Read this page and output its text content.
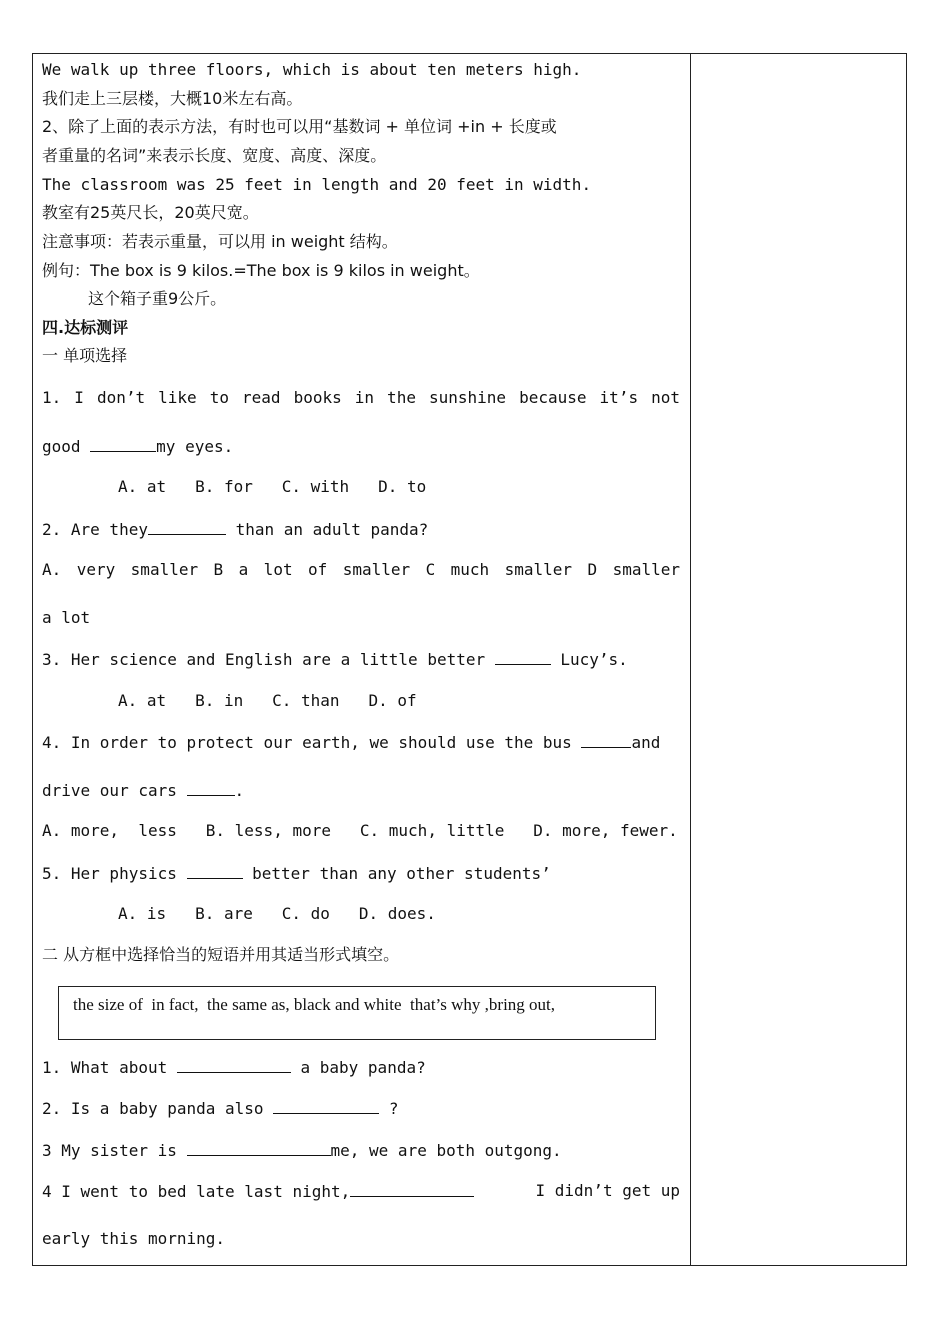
We walk up three floors, which is about ten meters high.
我们走上三层楼，大概10米左右高。
2、除了上面的表示方法，有时也可以用“基数词 + 单位词 +in + 长度或
者重量的名词”来表示长度、宽度、高度、深度。
The classroom was 25 feet in length and 20 feet in width.
教室有25英尺长，20英尺宽。
注意事项：若表示重量，可以用 in weight 结构。
例句：The box is 9 kilos.=The box is 9 kilos in weight。
这个箱子重9公斤。
四.达标测评
一 单项选择
1. I don’t like to read books in the sunshine because it’s not
good	my eyes.
A. at   B. for   C. with   D. to
2. Are they	than an adult panda?
A. very smaller B a lot of smaller C much smaller D smaller
a lot
3. Her science and English are a little better	Lucy’s.
A. at   B. in   C. than   D. of
4. In order to protect our earth, we should use the bus	and
drive our cars	.
A. more,  less   B. less, more   C. much, little   D. more, fewer.
5. Her physics	better than any other students’
A. is   B. are   C. do   D. does.
二 从方框中选择恰当的短语并用其适当形式填空。
the size of  in fact,  the same as, black and white  that’s why ,bring out,
1. What about	a baby panda?
2. Is a baby panda also	?
3 My sister is	me, we are both outgong.
4 I went to bed late last night,	I didn’t get up
early this morning.
